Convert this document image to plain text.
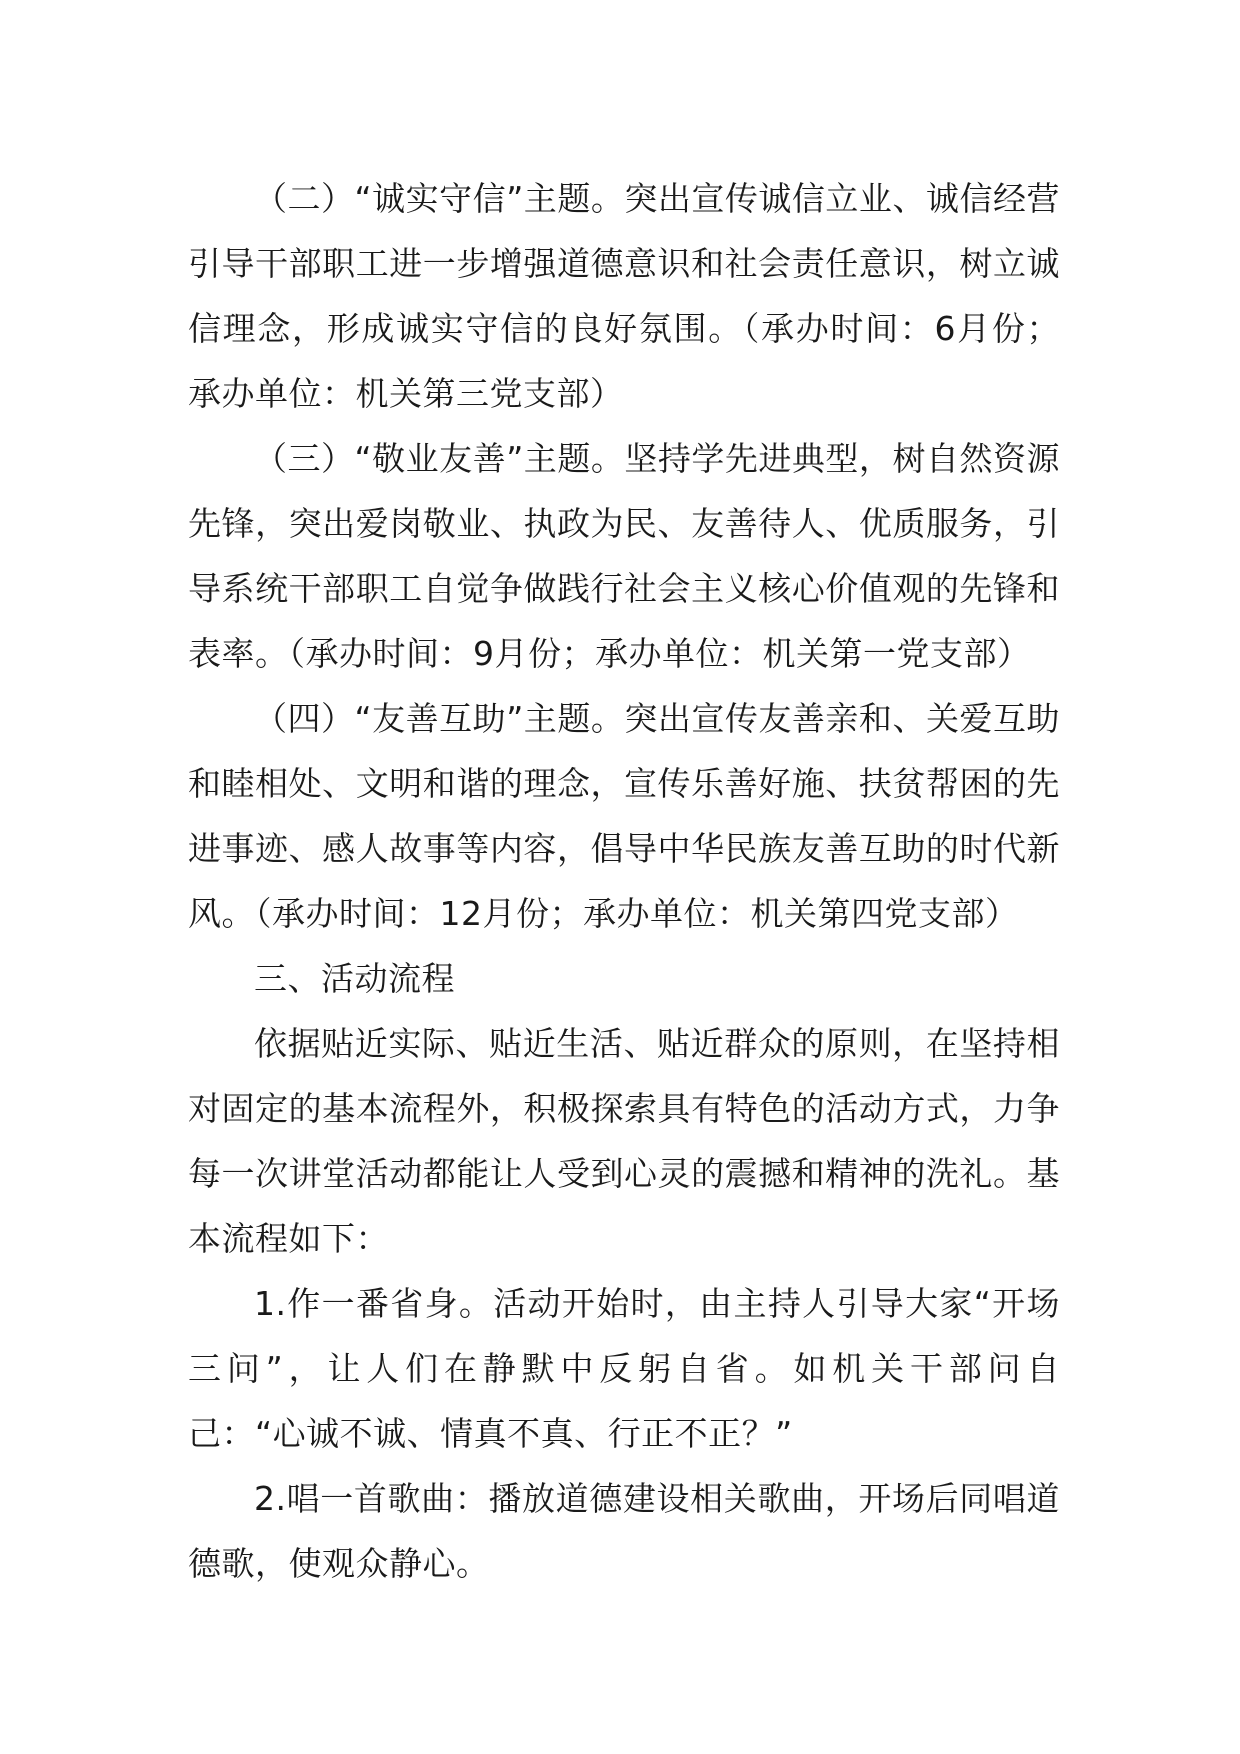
（二）“诚实守信”主题。突出宣传诚信立业、诚信经营引导干部职工进一步增强道德意识和社会责任意识，树立诚信理念，形成诚实守信的良好氛围。（承办时间：6月份；承办单位：机关第三党支部）

（三）“敬业友善”主题。坚持学先进典型，树自然资源先锋，突出爱岗敬业、执政为民、友善待人、优质服务，引导系统干部职工自觉争做践行社会主义核心价值观的先锋和表率。（承办时间：9月份；承办单位：机关第一党支部）

（四）“友善互助”主题。突出宣传友善亲和、关爱互助和睦相处、文明和谐的理念，宣传乐善好施、扶贫帮困的先进事迹、感人故事等内容，倡导中华民族友善互助的时代新风。（承办时间：12月份；承办单位：机关第四党支部）

三、活动流程

依据贴近实际、贴近生活、贴近群众的原则，在坚持相对固定的基本流程外，积极探索具有特色的活动方式，力争每一次讲堂活动都能让人受到心灵的震撼和精神的洗礼。基本流程如下：

1.作一番省身。活动开始时，由主持人引导大家“开场三问”，让人们在静默中反躬自省。如机关干部问自己：“心诚不诚、情真不真、行正不正？”

2.唱一首歌曲：播放道德建设相关歌曲，开场后同唱道德歌，使观众静心。
